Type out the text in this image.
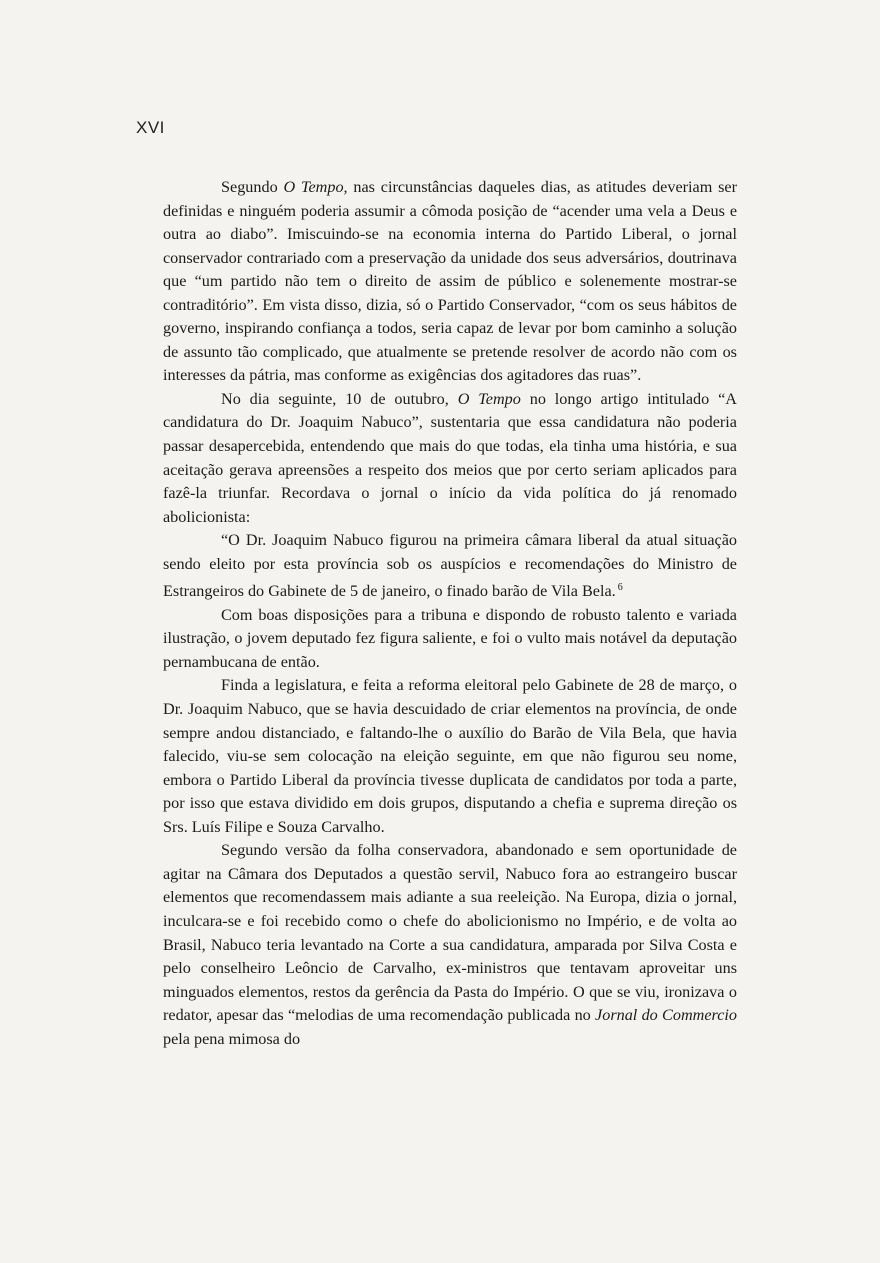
XVI

Segundo O Tempo, nas circunstâncias daqueles dias, as atitudes deveriam ser definidas e ninguém poderia assumir a cômoda posição de “acender uma vela a Deus e outra ao diabo”. Imiscuindo-se na economia interna do Partido Liberal, o jornal conservador contrariado com a preservação da unidade dos seus adversários, doutrinava que “um partido não tem o direito de assim de público e solenemente mostrar-se contraditório”. Em vista disso, dizia, só o Partido Conservador, “com os seus hábitos de governo, inspirando confiança a todos, seria capaz de levar por bom caminho a solução de assunto tão complicado, que atualmente se pretende resolver de acordo não com os interesses da pátria, mas conforme as exigências dos agitadores das ruas”.

No dia seguinte, 10 de outubro, O Tempo no longo artigo intitulado “A candidatura do Dr. Joaquim Nabuco”, sustentaria que essa candidatura não poderia passar desapercebida, entendendo que mais do que todas, ela tinha uma história, e sua aceitação gerava apreensões a respeito dos meios que por certo seriam aplicados para fazê-la triunfar. Recordava o jornal o início da vida política do já renomado abolicionista:

“O Dr. Joaquim Nabuco figurou na primeira câmara liberal da atual situação sendo eleito por esta província sob os auspícios e recomendações do Ministro de Estrangeiros do Gabinete de 5 de janeiro, o finado barão de Vila Bela. $^6$

Com boas disposições para a tribuna e dispondo de robusto talento e variada ilustração, o jovem deputado fez figura saliente, e foi o vulto mais notável da deputação pernambucana de então.

Finda a legislatura, e feita a reforma eleitoral pelo Gabinete de 28 de março, o Dr. Joaquim Nabuco, que se havia descuidado de criar elementos na província, de onde sempre andou distanciado, e faltando-lhe o auxílio do Barão de Vila Bela, que havia falecido, viu-se sem colocação na eleição seguinte, em que não figurou seu nome, embora o Partido Liberal da província tivesse duplicata de candidatos por toda a parte, por isso que estava dividido em dois grupos, disputando a chefia e suprema direção os Srs. Luís Filipe e Souza Carvalho.

Segundo versão da folha conservadora, abandonado e sem oportunidade de agitar na Câmara dos Deputados a questão servil, Nabuco fora ao estrangeiro buscar elementos que recomendassem mais adiante a sua reeleição. Na Europa, dizia o jornal, inculcara-se e foi recebido como o chefe do abolicionismo no Império, e de volta ao Brasil, Nabuco teria levantado na Corte a sua candidatura, amparada por Silva Costa e pelo conselheiro Leôncio de Carvalho, ex-ministros que tentavam aproveitar uns minguados elementos, restos da gerência da Pasta do Império. O que se viu, ironizava o redator, apesar das “melodias de uma recomendação publicada no Jornal do Commercio pela pena mimosa do
